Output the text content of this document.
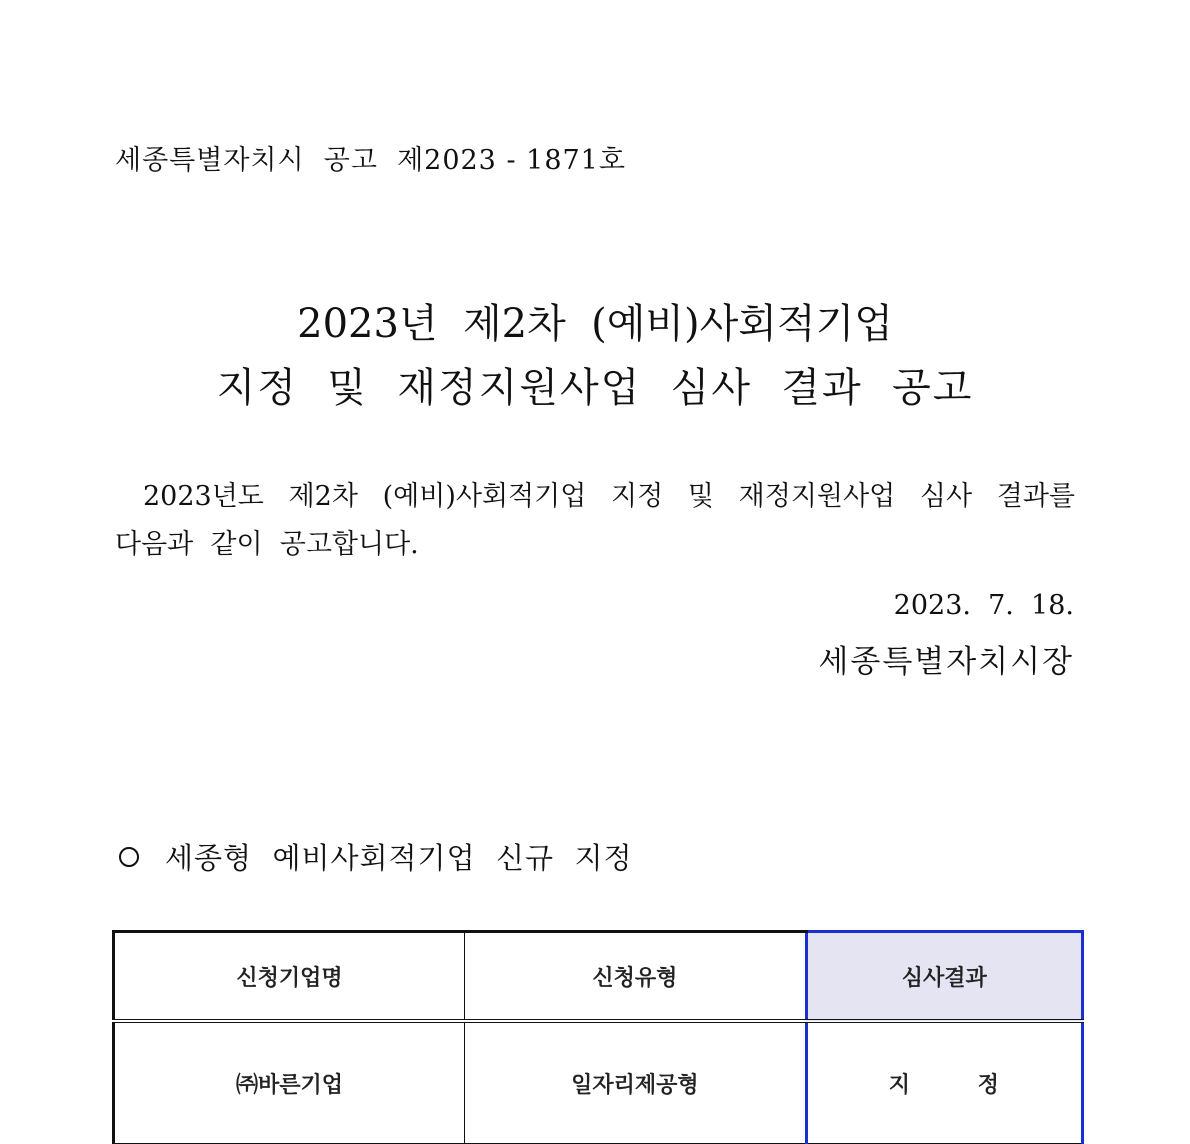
세종특별자치시  공고  제2023 - 1871호
2023년  제2차  (예비)사회적기업
지정  및  재정지원사업  심사  결과  공고
2023년도  제2차  (예비)사회적기업  지정  및  재정지원사업  심사  결과를
다음과  같이  공고합니다.
2023.  7.  18.
세종특별자치시장
세종형  예비사회적기업  신규  지정
신청기업명	신청유형	심사결과
㈜바른기업	일자리제공형	지 정
